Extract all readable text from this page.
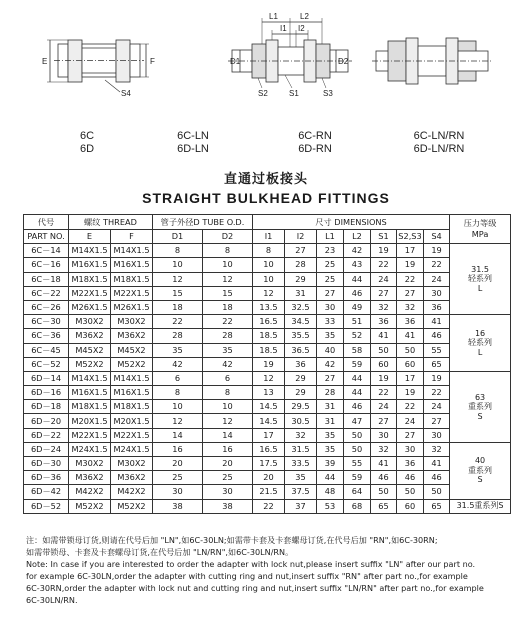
E	F
S4
L1	L2
I1 I2
D1	D2
S2	S1	S3
6C
6D
6C-LN
6D-LN
6C-RN
6D-RN
6C-LN/RN
6D-LN/RN
直通过板接头
STRAIGHT BULKHEAD FITTINGS
代号	螺纹 THREAD		管子外径D TUBE O.D.		尺寸 DIMENSIONS							压力等级
MPa
PART NO.	E	F	D1	D2	I1	I2	L1	L2	S1	S2,S3	S4	
6C－14	M14X1.5	M14X1.5	8	8	8	27	23	42	19	17	19	31.5
轻系列
L

6C－16	M16X1.5	M16X1.5	10	10	10	28	25	43	22	19	22	
6C－18	M18X1.5	M18X1.5	12	12	10	29	25	44	24	22	24	
6C－22	M22X1.5	M22X1.5	15	15	12	31	27	46	27	27	30	
6C－26	M26X1.5	M26X1.5	18	18	13.5	32.5	30	49	32	32	36	
6C－30	M30X2	M30X2	22	22	16.5	34.5	33	51	36	36	41	16
轻系列
L

6C－36	M36X2	M36X2	28	28	18.5	35.5	35	52	41	41	46	
6C－45	M45X2	M45X2	35	35	18.5	36.5	40	58	50	50	55	
6C－52	M52X2	M52X2	42	42	19	36	42	59	60	60	65	
6D－14	M14X1.5	M14X1.5	6	6	12	29	27	44	19	17	19	63
重系列
S

6D－16	M16X1.5	M16X1.5	8	8	13	29	28	44	22	19	22	
6D－18	M18X1.5	M18X1.5	10	10	14.5	29.5	31	46	24	22	24	
6D－20	M20X1.5	M20X1.5	12	12	14.5	30.5	31	47	27	24	27	
6D－22	M22X1.5	M22X1.5	14	14	17	32	35	50	30	27	30	
6D－24	M24X1.5	M24X1.5	16	16	16.5	31.5	35	50	32	30	32	40
重系列
S

6D－30	M30X2	M30X2	20	20	17.5	33.5	39	55	41	36	41	
6D－36	M36X2	M36X2	25	25	20	35	44	59	46	46	46	
6D－42	M42X2	M42X2	30	30	21.5	37.5	48	64	50	50	50	
6D－52	M52X2	M52X2	38	38	22	37	53	68	65	60	65	31.5重系列S
注：如需带锁母订货,则请在代号后加 "LN",如6C-30LN;如需带卡套及卡套螺母订货,在代号后加 "RN",如6C-30RN;
如需带锁母、卡套及卡套螺母订货,在代号后加 "LN/RN",如6C-30LN/RN。
Note: In case if you are interested to order the adapter with lock nut,please insert suffix "LN" after our part no.
for example 6C-30LN,order the adapter with cutting ring and nut,insert suffix "RN" after part no.,for example
6C-30RN,order the adapter with lock nut and cutting ring and nut,insert suffix "LN/RN" after part no.,for example
6C-30LN/RN.
